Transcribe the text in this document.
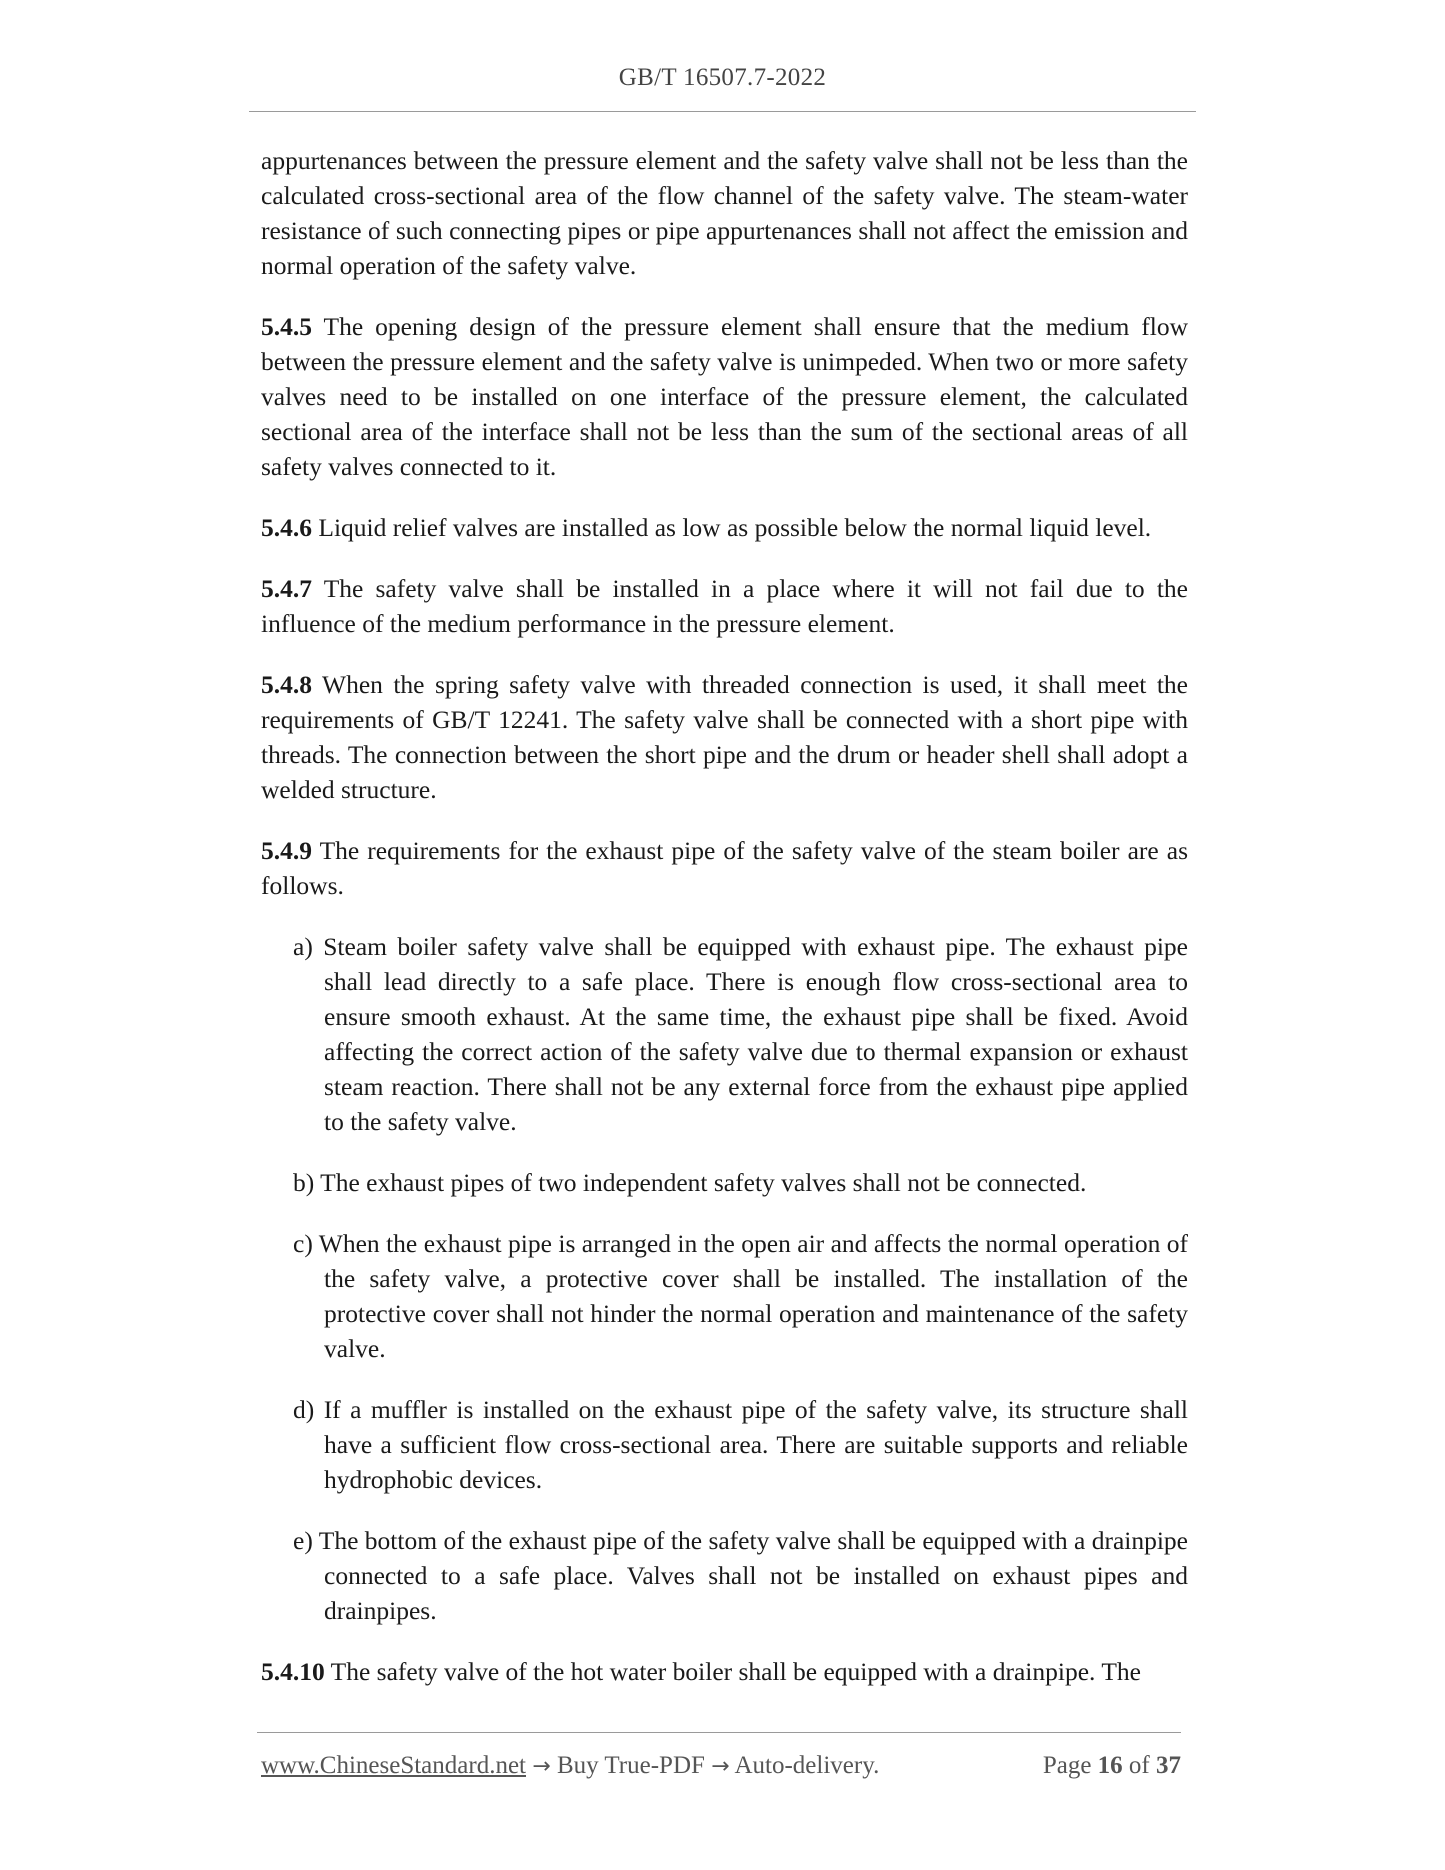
GB/T 16507.7-2022

appurtenances between the pressure element and the safety valve shall not be less than the calculated cross-sectional area of the flow channel of the safety valve. The steam-water resistance of such connecting pipes or pipe appurtenances shall not affect the emission and normal operation of the safety valve.

5.4.5 The opening design of the pressure element shall ensure that the medium flow between the pressure element and the safety valve is unimpeded. When two or more safety valves need to be installed on one interface of the pressure element, the calculated sectional area of the interface shall not be less than the sum of the sectional areas of all safety valves connected to it.

5.4.6 Liquid relief valves are installed as low as possible below the normal liquid level.

5.4.7 The safety valve shall be installed in a place where it will not fail due to the influence of the medium performance in the pressure element.

5.4.8 When the spring safety valve with threaded connection is used, it shall meet the requirements of GB/T 12241. The safety valve shall be connected with a short pipe with threads. The connection between the short pipe and the drum or header shell shall adopt a welded structure.

5.4.9 The requirements for the exhaust pipe of the safety valve of the steam boiler are as follows.

a) Steam boiler safety valve shall be equipped with exhaust pipe. The exhaust pipe shall lead directly to a safe place. There is enough flow cross-sectional area to ensure smooth exhaust. At the same time, the exhaust pipe shall be fixed. Avoid affecting the correct action of the safety valve due to thermal expansion or exhaust steam reaction. There shall not be any external force from the exhaust pipe applied to the safety valve.

b) The exhaust pipes of two independent safety valves shall not be connected.

c) When the exhaust pipe is arranged in the open air and affects the normal operation of the safety valve, a protective cover shall be installed. The installation of the protective cover shall not hinder the normal operation and maintenance of the safety valve.

d) If a muffler is installed on the exhaust pipe of the safety valve, its structure shall have a sufficient flow cross-sectional area. There are suitable supports and reliable hydrophobic devices.

e) The bottom of the exhaust pipe of the safety valve shall be equipped with a drainpipe connected to a safe place. Valves shall not be installed on exhaust pipes and drainpipes.

5.4.10 The safety valve of the hot water boiler shall be equipped with a drainpipe. The

www.ChineseStandard.net → Buy True-PDF → Auto-delivery.	Page 16 of 37
